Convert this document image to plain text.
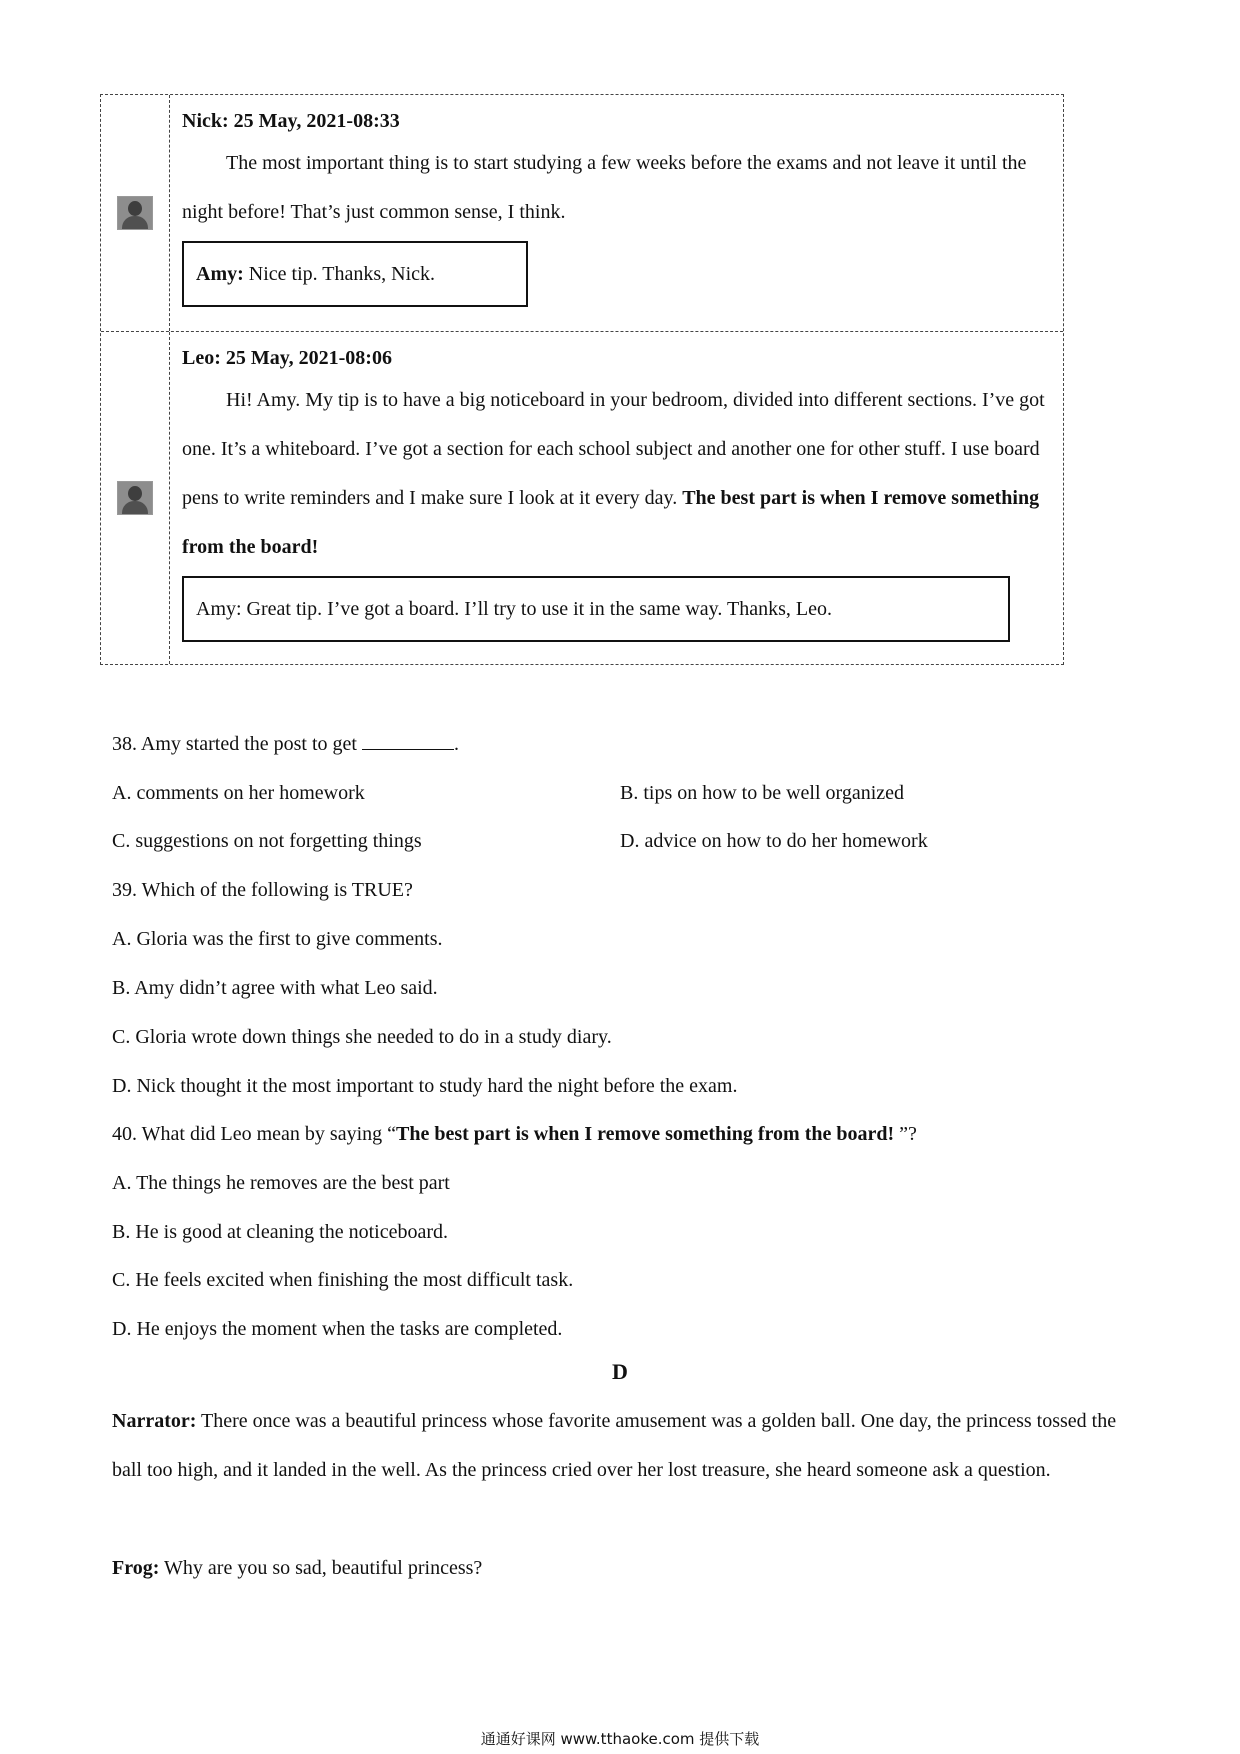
Nick: 25 May, 2021-08:33
The most important thing is to start studying a few weeks before the exams and not leave it until the night before! That’s just common sense, I think.
Amy: Nice tip. Thanks, Nick.
Leo: 25 May, 2021-08:06
Hi! Amy. My tip is to have a big noticeboard in your bedroom, divided into different sections. I’ve got one. It’s a whiteboard. I’ve got a section for each school subject and another one for other stuff. I use board pens to write reminders and I make sure I look at it every day. The best part is when I remove something from the board!
Amy: Great tip. I’ve got a board. I’ll try to use it in the same way. Thanks, Leo.
38. Amy started the post to get	.
A. comments on her homework	B. tips on how to be well organized
C. suggestions on not forgetting things	D. advice on how to do her homework
39. Which of the following is TRUE?
A. Gloria was the first to give comments.
B. Amy didn’t agree with what Leo said.
C. Gloria wrote down things she needed to do in a study diary.
D. Nick thought it the most important to study hard the night before the exam.
40. What did Leo mean by saying “The best part is when I remove something from the board! ”?
A. The things he removes are the best part
B. He is good at cleaning the noticeboard.
C. He feels excited when finishing the most difficult task.
D. He enjoys the moment when the tasks are completed.
D
Narrator: There once was a beautiful princess whose favorite amusement was a golden ball. One day, the princess tossed the ball too high, and it landed in the well. As the princess cried over her lost treasure, she heard someone ask a question.
Frog: Why are you so sad, beautiful princess?
通通好课网 www.tthaoke.com 提供下载
